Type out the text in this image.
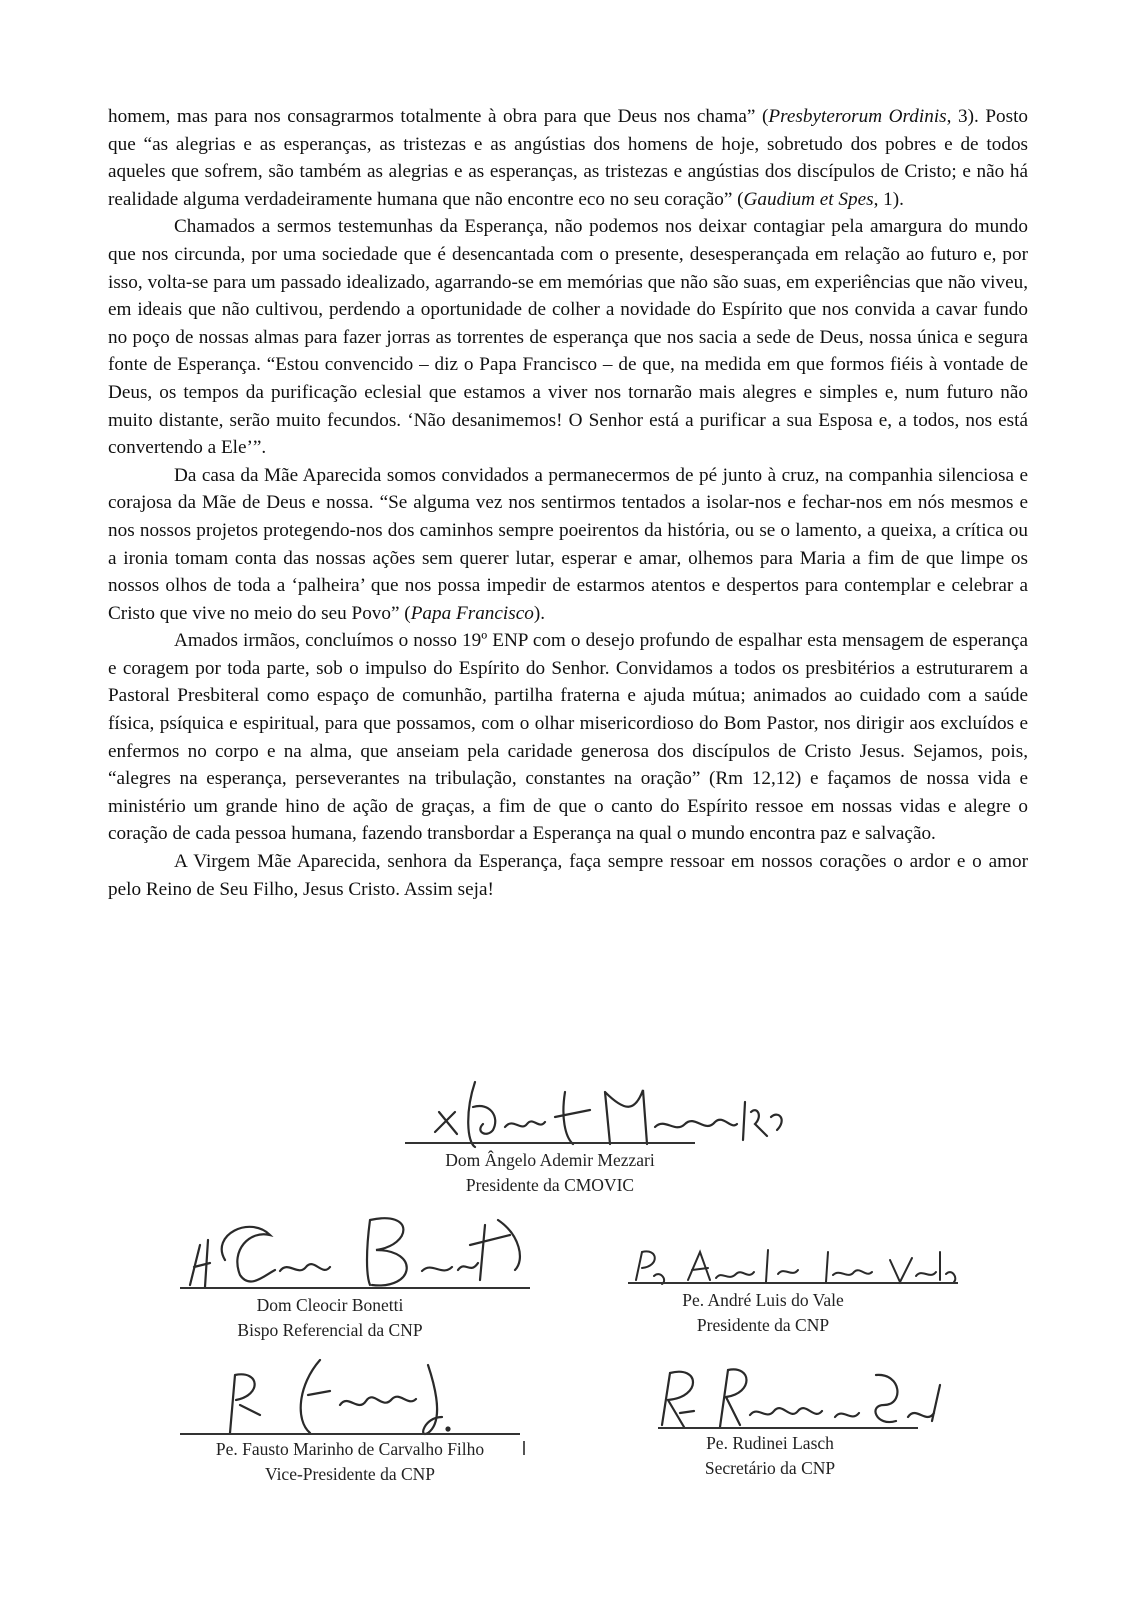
homem, mas para nos consagrarmos totalmente à obra para que Deus nos chama” (Presbyterorum Ordinis, 3). Posto que “as alegrias e as esperanças, as tristezas e as angústias dos homens de hoje, sobretudo dos pobres e de todos aqueles que sofrem, são também as alegrias e as esperanças, as tristezas e angústias dos discípulos de Cristo; e não há realidade alguma verdadeiramente humana que não encontre eco no seu coração” (Gaudium et Spes, 1).

Chamados a sermos testemunhas da Esperança, não podemos nos deixar contagiar pela amargura do mundo que nos circunda, por uma sociedade que é desencantada com o presente, desesperançada em relação ao futuro e, por isso, volta-se para um passado idealizado, agarrando-se em memórias que não são suas, em experiências que não viveu, em ideais que não cultivou, perdendo a oportunidade de colher a novidade do Espírito que nos convida a cavar fundo no poço de nossas almas para fazer jorras as torrentes de esperança que nos sacia a sede de Deus, nossa única e segura fonte de Esperança. “Estou convencido – diz o Papa Francisco – de que, na medida em que formos fiéis à vontade de Deus, os tempos da purificação eclesial que estamos a viver nos tornarão mais alegres e simples e, num futuro não muito distante, serão muito fecundos. ‘Não desanimemos! O Senhor está a purificar a sua Esposa e, a todos, nos está convertendo a Ele’”.

Da casa da Mãe Aparecida somos convidados a permanecermos de pé junto à cruz, na companhia silenciosa e corajosa da Mãe de Deus e nossa. “Se alguma vez nos sentirmos tentados a isolar-nos e fechar-nos em nós mesmos e nos nossos projetos protegendo-nos dos caminhos sempre poeirentos da história, ou se o lamento, a queixa, a crítica ou a ironia tomam conta das nossas ações sem querer lutar, esperar e amar, olhemos para Maria a fim de que limpe os nossos olhos de toda a ‘palheira’ que nos possa impedir de estarmos atentos e despertos para contemplar e celebrar a Cristo que vive no meio do seu Povo” (Papa Francisco).

Amados irmãos, concluímos o nosso 19º ENP com o desejo profundo de espalhar esta mensagem de esperança e coragem por toda parte, sob o impulso do Espírito do Senhor. Convidamos a todos os presbitérios a estruturarem a Pastoral Presbiteral como espaço de comunhão, partilha fraterna e ajuda mútua; animados ao cuidado com a saúde física, psíquica e espiritual, para que possamos, com o olhar misericordioso do Bom Pastor, nos dirigir aos excluídos e enfermos no corpo e na alma, que anseiam pela caridade generosa dos discípulos de Cristo Jesus. Sejamos, pois, “alegres na esperança, perseverantes na tribulação, constantes na oração” (Rm 12,12) e façamos de nossa vida e ministério um grande hino de ação de graças, a fim de que o canto do Espírito ressoe em nossas vidas e alegre o coração de cada pessoa humana, fazendo transbordar a Esperança na qual o mundo encontra paz e salvação.

A Virgem Mãe Aparecida, senhora da Esperança, faça sempre ressoar em nossos corações o ardor e o amor pelo Reino de Seu Filho, Jesus Cristo. Assim seja!

Dom Ângelo Ademir Mezzari
Presidente da CMOVIC
Dom Cleocir Bonetti
Bispo Referencial da CNP
Pe. André Luis do Vale
Presidente da CNP
Pe. Fausto Marinho de Carvalho Filho
Vice-Presidente da CNP
Pe. Rudinei Lasch
Secretário da CNP
